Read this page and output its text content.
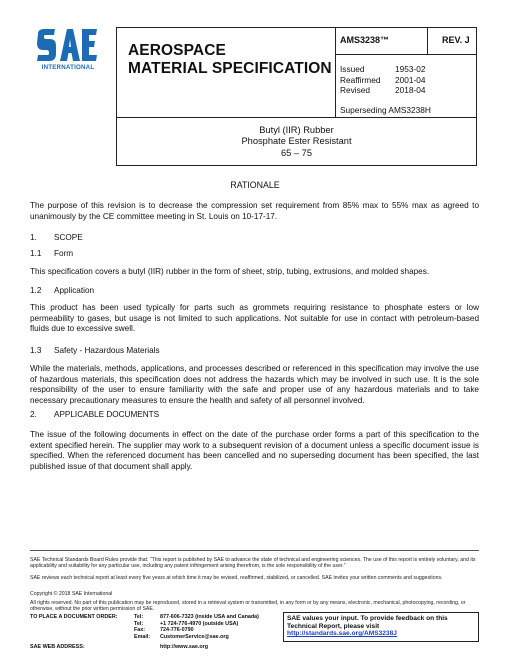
INTERNATIONAL
AEROSPACE
MATERIAL SPECIFICATION
AMS3238™	REV. J
Issued	1953-02
Reaffirmed	2001-04
Revised	2018-04
Superseding AMS3238H
Butyl (IIR) Rubber
Phosphate Ester Resistant
65 – 75
RATIONALE
The purpose of this revision is to decrease the compression set requirement from 85% max to 55% max as agreed to unanimously by the CE committee meeting in St. Louis on 10-17-17.
1. SCOPE
1.1 Form
This specification covers a butyl (IIR) rubber in the form of sheet, strip, tubing, extrusions, and molded shapes.
1.2 Application
This product has been used typically for parts such as grommets requiring resistance to phosphate esters or low permeability to gases, but usage is not limited to such applications. Not suitable for use in contact with petroleum-based fluids due to excessive swell.
1.3 Safety - Hazardous Materials
While the materials, methods, applications, and processes described or referenced in this specification may involve the use of hazardous materials, this specification does not address the hazards which may be involved in such use. It is the sole responsibility of the user to ensure familiarity with the safe and proper use of any hazardous materials and to take necessary precautionary measures to ensure the health and safety of all personnel involved.
2. APPLICABLE DOCUMENTS
The issue of the following documents in effect on the date of the purchase order forms a part of this specification to the extent specified herein. The supplier may work to a subsequent revision of a document unless a specific document issue is specified. When the referenced document has been cancelled and no superseding document has been specified, the last published issue of that document shall apply.
SAE Technical Standards Board Rules provide that: “This report is published by SAE to advance the state of technical and engineering sciences. The use of this report is entirely voluntary, and its applicability and suitability for any particular use, including any patent infringement arising therefrom, is the sole responsibility of the user.”
SAE reviews each technical report at least every five years at which time it may be revised, reaffirmed, stabilized, or cancelled. SAE invites your written comments and suggestions.
Copyright © 2018 SAE International
All rights reserved. No part of this publication may be reproduced, stored in a retrieval system or transmitted, in any form or by any means, electronic, mechanical, photocopying, recording, or otherwise, without the prior written permission of SAE.
TO PLACE A DOCUMENT ORDER:	Tel:	877-606-7323 (inside USA and Canada)
Tel:	+1 724-776-4970 (outside USA)
Fax:	724-776-0790
Email:	CustomerService@sae.org
SAE WEB ADDRESS:	http://www.sae.org
SAE values your input. To provide feedback on this
Technical Report, please visit
http://standards.sae.org/AMS3238J
